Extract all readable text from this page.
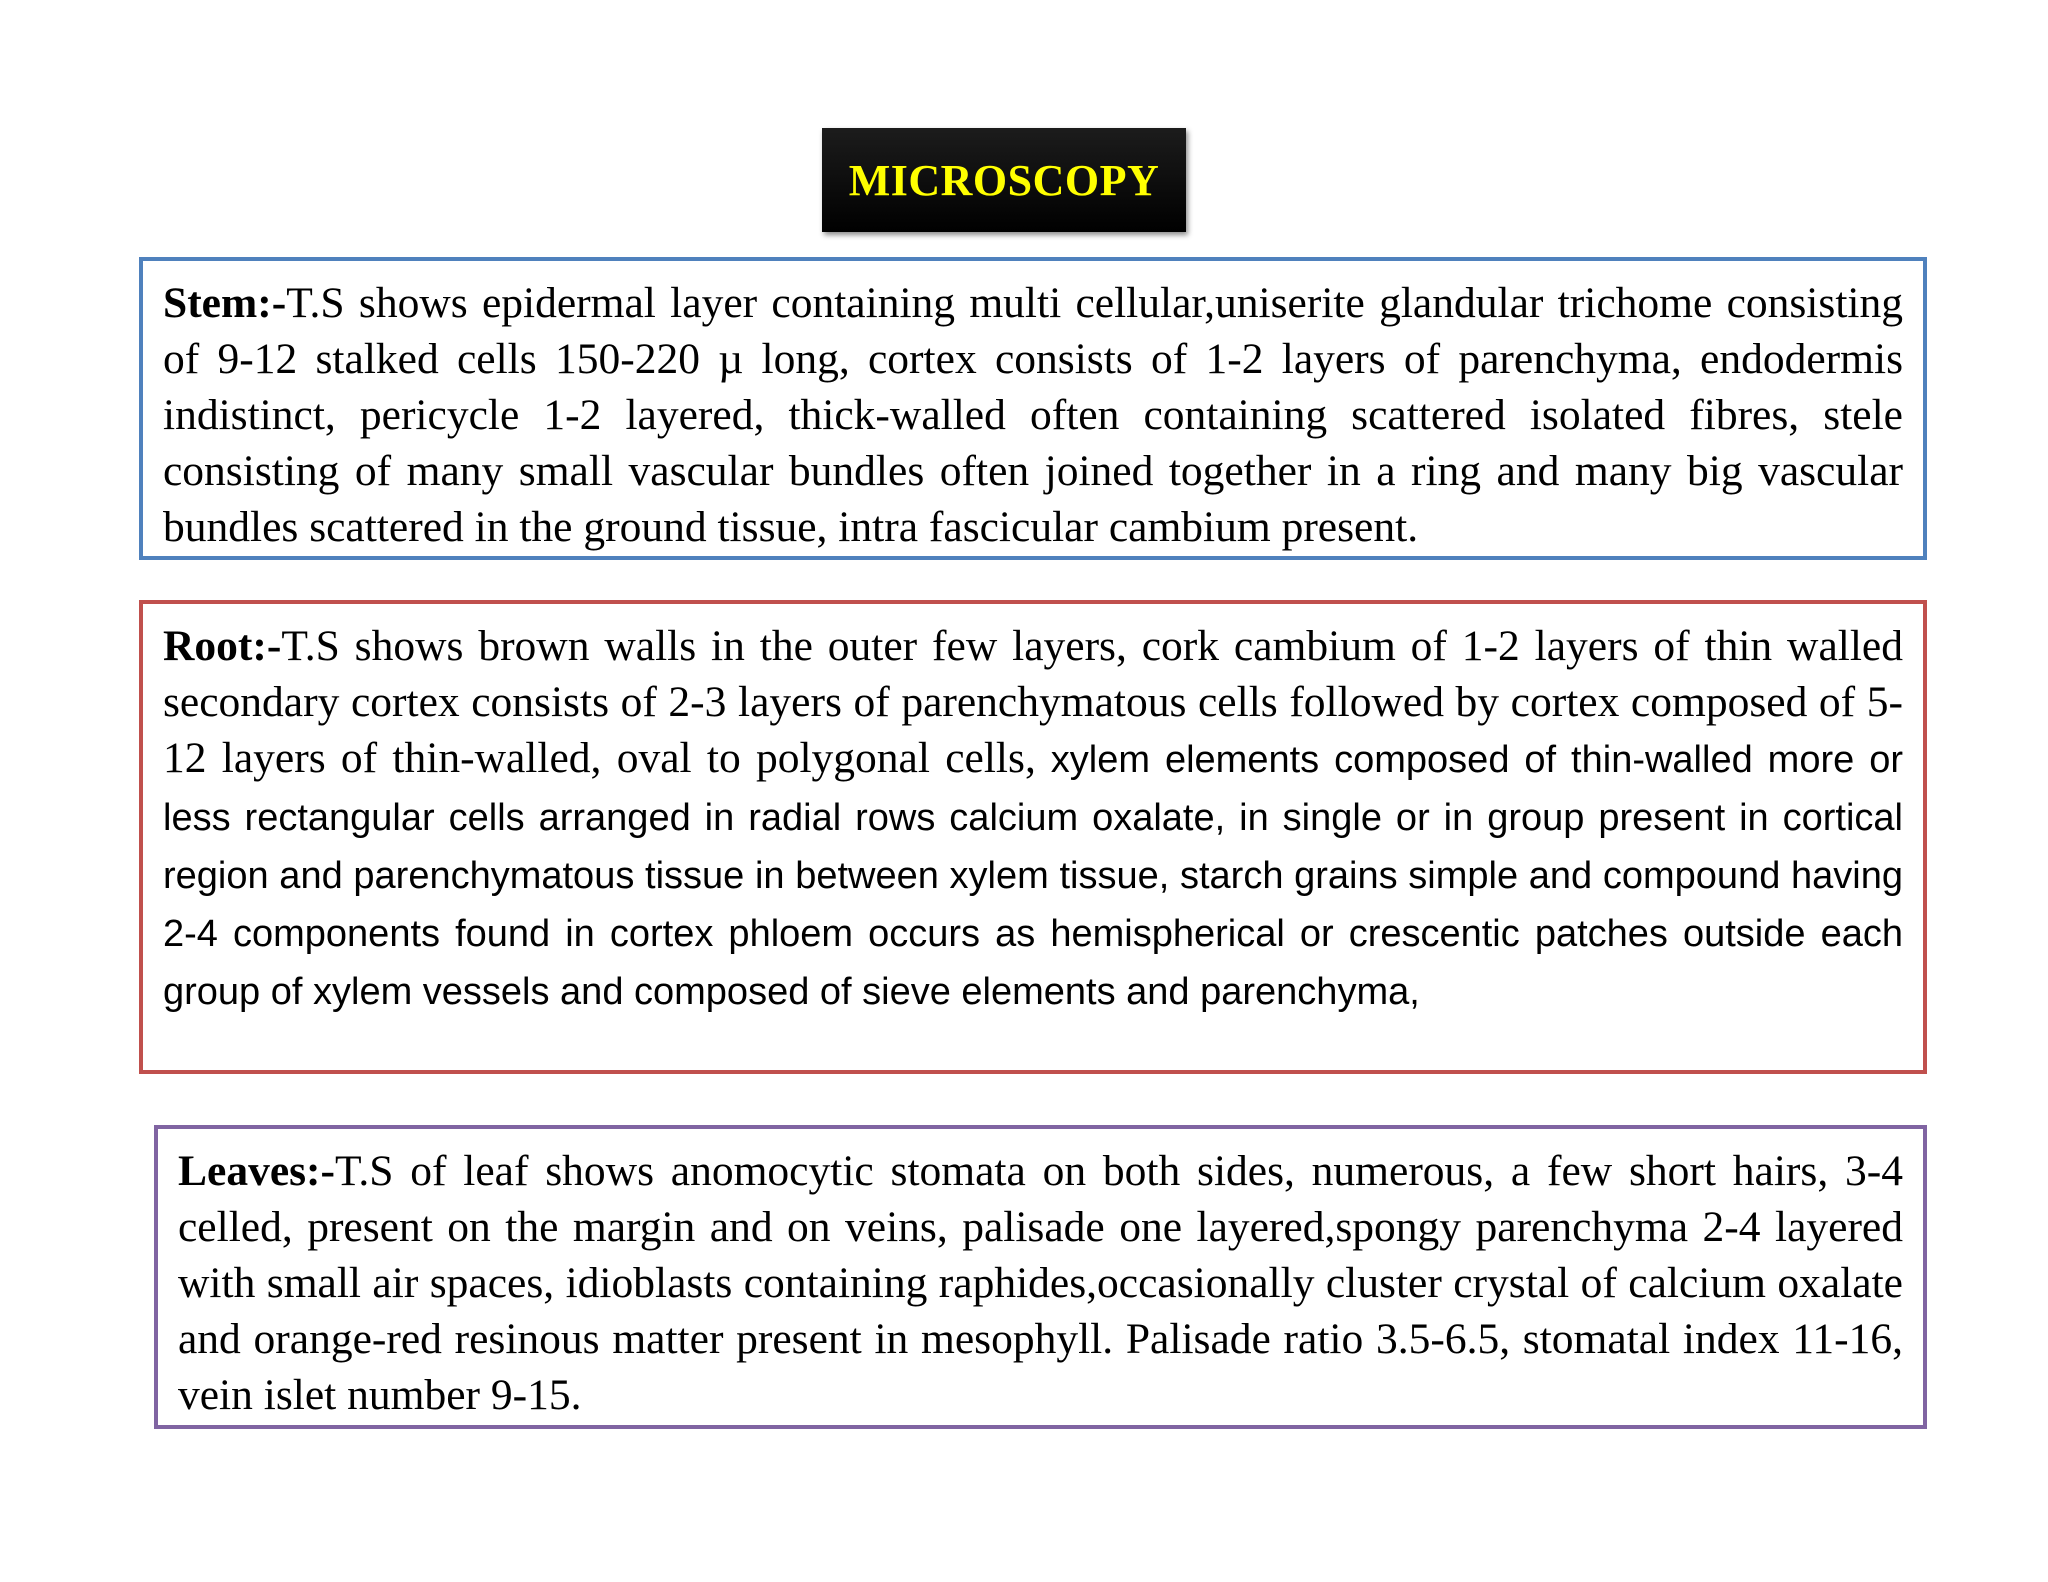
MICROSCOPY

Stem:-T.S shows epidermal layer containing multi cellular,uniserite glandular trichome consisting of 9-12 stalked cells 150-220 µ long, cortex consists of 1-2 layers of parenchyma, endodermis indistinct, pericycle 1-2 layered, thick-walled often containing scattered isolated fibres, stele consisting of many small vascular bundles often joined together in a ring and many big vascular bundles scattered in the ground tissue, intra fascicular cambium present.

Root:-T.S shows brown walls in the outer few layers, cork cambium of 1-2 layers of thin walled secondary cortex consists of 2-3 layers of parenchymatous cells followed by cortex composed of 5-12 layers of thin-walled, oval to polygonal cells, xylem elements composed of thin-walled more or less rectangular cells arranged in radial rows calcium oxalate, in single or in group present in cortical region and parenchymatous tissue in between xylem tissue, starch grains simple and compound having 2-4 components found in cortex phloem occurs as hemispherical or crescentic patches outside each group of xylem vessels and composed of sieve elements and parenchyma,

Leaves:-T.S of leaf shows anomocytic stomata on both sides, numerous, a few short hairs, 3-4 celled, present on the margin and on veins, palisade one layered,spongy parenchyma 2-4 layered with small air spaces, idioblasts containing raphides,occasionally cluster crystal of calcium oxalate and orange-red resinous matter present in mesophyll. Palisade ratio 3.5-6.5, stomatal index 11-16, vein islet number 9-15.
